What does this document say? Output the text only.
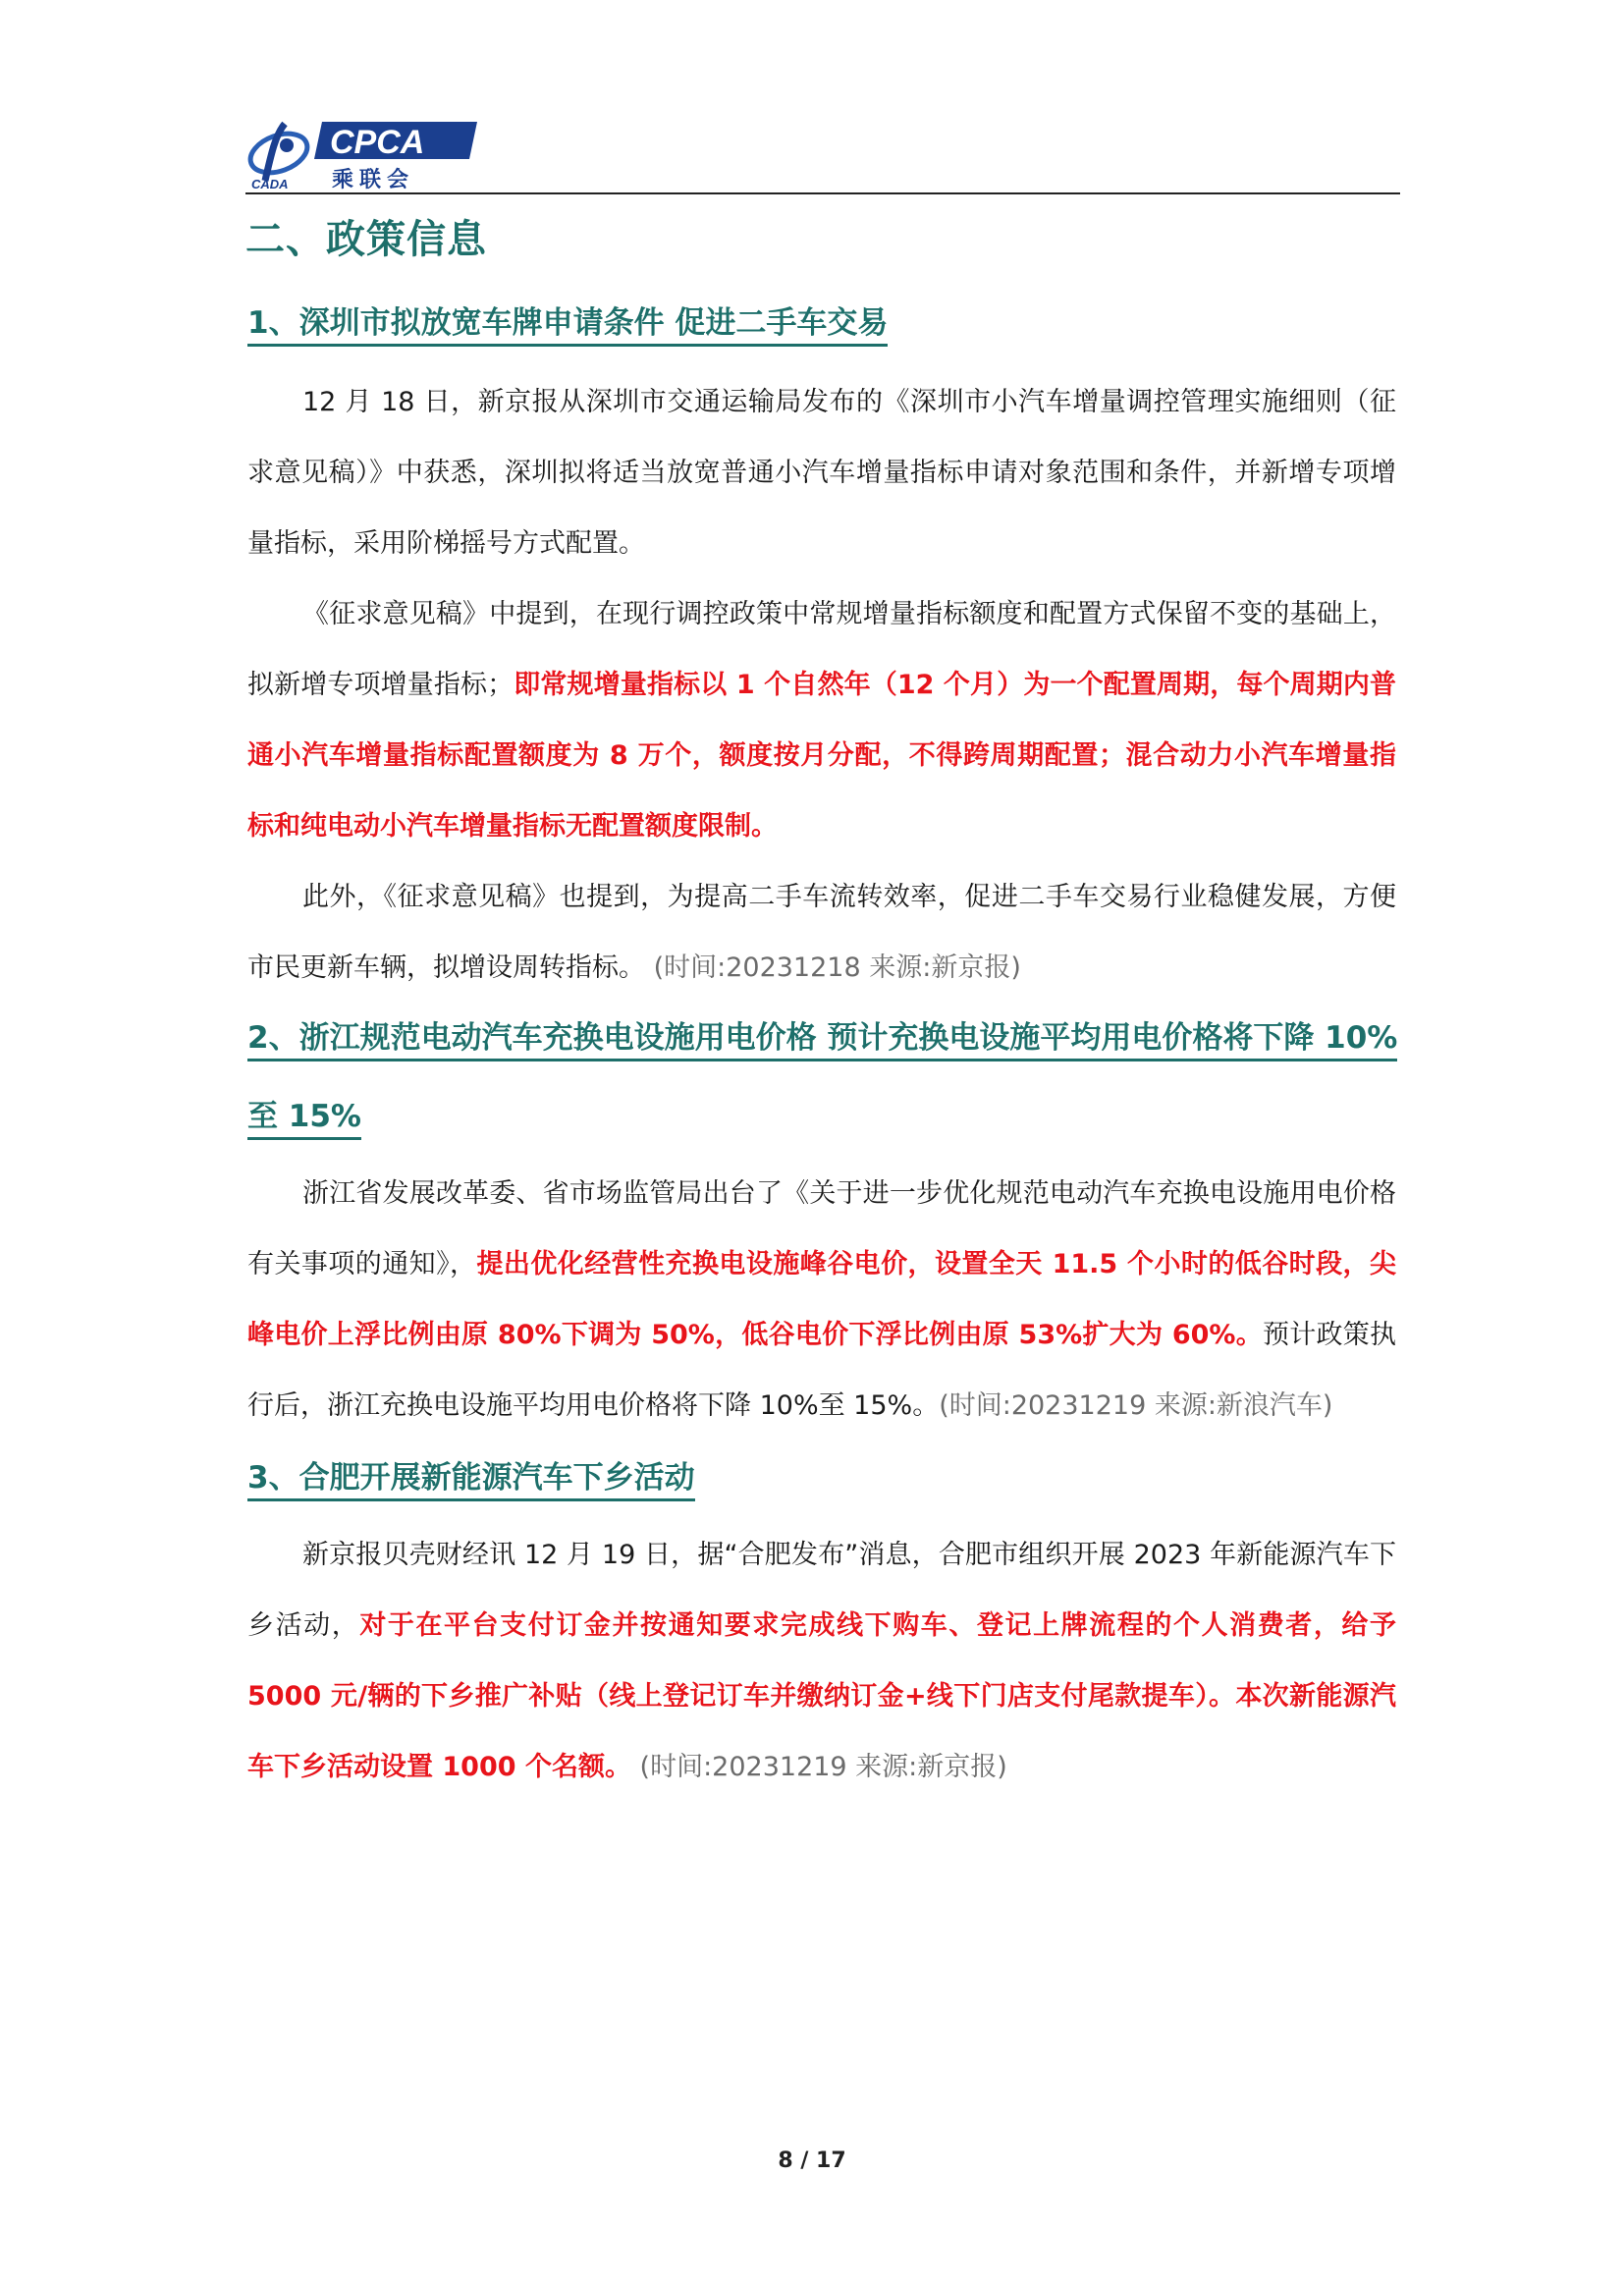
CPCA
CADA 乘联会
二、政策信息
1、深圳市拟放宽车牌申请条件 促进二手车交易
12 月 18 日，新京报从深圳市交通运输局发布的《深圳市小汽车增量调控管理实施细则（征求意见稿）》中获悉，深圳拟将适当放宽普通小汽车增量指标申请对象范围和条件，并新增专项增量指标，采用阶梯摇号方式配置。
《征求意见稿》中提到，在现行调控政策中常规增量指标额度和配置方式保留不变的基础上，拟新增专项增量指标；即常规增量指标以 1 个自然年（12 个月）为一个配置周期，每个周期内普通小汽车增量指标配置额度为 8 万个，额度按月分配，不得跨周期配置；混合动力小汽车增量指标和纯电动小汽车增量指标无配置额度限制。
此外，《征求意见稿》也提到，为提高二手车流转效率，促进二手车交易行业稳健发展，方便市民更新车辆，拟增设周转指标。 (时间:20231218 来源:新京报)
2、浙江规范电动汽车充换电设施用电价格 预计充换电设施平均用电价格将下降 10%
至 15%
浙江省发展改革委、省市场监管局出台了《关于进一步优化规范电动汽车充换电设施用电价格有关事项的通知》，提出优化经营性充换电设施峰谷电价，设置全天 11.5 个小时的低谷时段，尖峰电价上浮比例由原 80%下调为 50%，低谷电价下浮比例由原 53%扩大为 60%。预计政策执行后，浙江充换电设施平均用电价格将下降 10%至 15%。(时间:20231219 来源:新浪汽车)
3、合肥开展新能源汽车下乡活动
新京报贝壳财经讯 12 月 19 日，据“合肥发布”消息，合肥市组织开展 2023 年新能源汽车下乡活动，对于在平台支付订金并按通知要求完成线下购车、登记上牌流程的个人消费者，给予 5000 元/辆的下乡推广补贴（线上登记订车并缴纳订金+线下门店支付尾款提车）。本次新能源汽车下乡活动设置 1000 个名额。 (时间:20231219 来源:新京报)
8 / 17
